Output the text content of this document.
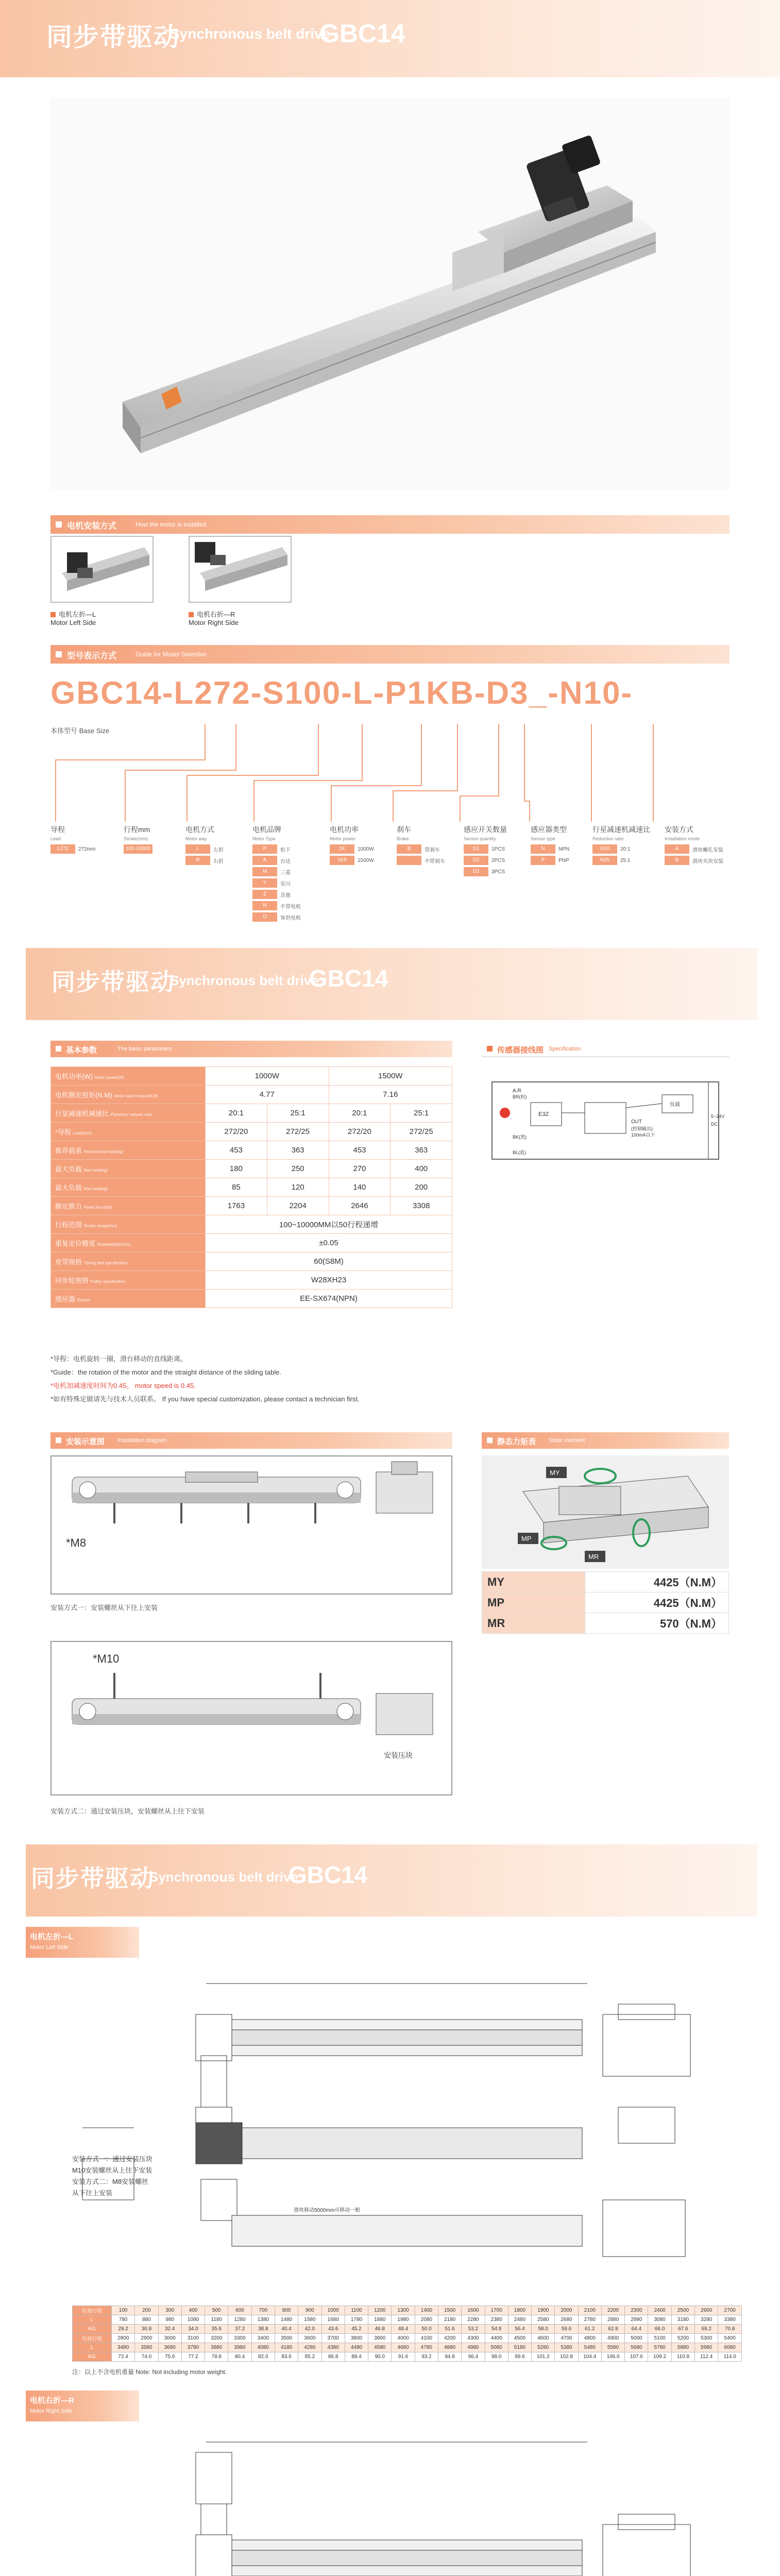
同步带驱动
Synchronous belt drive
GBC14
电机安装方式	How the motor is installed
电机左折—L
Motor Left Side
电机右折—R
Motor Right Side
型号表示方式	Guide for Model Selection
GBC14-L272-S100-L-P1KB-D3_-N10-
本体型号 Base Size
导程
Lead
L272	272mm
行程mm
Stroke(mm)
100-10000
电机方式
Motor way
L	左折
R	右折
电机品牌
Motor Type
P	松下
A	台达
M	三菱
Y	安川
Z	其他
N	不带电机
O	客供电机
电机功率
Motor power
1K	1000W
1K5	1500W
刹车
Brake
B	带刹车
不带刹车
感应开关数量
Sensor quantity
D1	1PCS
D2	2PCS
D3	3PCS
感应器类型
Sensor type
N	NPN
P	PNP
行星减速机减速比
Reduction ratio
N10	20:1
N25	25:1
安装方式
Installation mode
A	滑块螺孔安装
B	滑块夹块安装
同步带驱动
Synchronous belt drive
GBC14
基本参数	The basic parameters
电机功率(W) Motor power(W)	1000W		1500W	
电机额定扭矩(N.M) Motor rated torque(N.M)	4.77		7.16	
行星减速机减速比 Planetary reducer ratio	20:1	25:1	20:1	25:1
*导程 Lead(mm)	272/20	272/25	272/20	272/25
推荐载重 Recommend load(kg)	453	363	453	363
最大负载 Max load(kg)	180	250	270	400
最大负载 Max load(kg)	85	120	140	200
额定推力 Rated thrust(N)	1763	2204	2646	3308
行程范围 Stroke range(mm)	100~10000MM以50行程递增			
重复定位精度 Repeatability(mm)	±0.05			
皮带规格 Timing belt specification	60(S8M)			
同步轮规格 Pulley specification	W28XH23			
感应器 Sensor	EE-SX674(NPN)			
*导程：电机旋转一圈，滑台移动的直线距离。
*Guide：the rotation of the motor and the straight distance of the sliding table.
*电机加减速度时间为0.45。 motor speed is 0.45.
*如有特殊定做请先与技术人员联系。 If you have special customization, please contact a technician first.
传感器接线图 Specification
A.R
BR(棕)
BK(黑)
BL(蓝)
E3Z
OUT
(控制输出)
100mA以下
负载
5~24V
DC
安装示意图 Installation diagram
*M8
安装方式一：安装螺丝从下往上安装
*M10
安装压块
安装方式二：通过安装压块，安装螺丝从上往下安装
静态力矩表 Static moment
MY
MP
MR
MY	4425（N.M）
MP	4425（N.M）
MR	570（N.M）
同步带驱动
Synchronous belt drive
GBC14
电机左折—L
Motor Left Side
滑块移动5000mm可移动一根
安装方式一：通过安装压块
M10安装螺丝从上往下安装
安装方式二：M8安装螺丝
从下往上安装
有效行程	100	200	300	400	500	600	700	800	900	1000	1100	1200	1300	1400	1500	1600	1700	1800	1900	2000	2100	2200	2300	2400	2500	2600	2700
L	780	880	980	1080	1180	1280	1380	1480	1580	1680	1780	1880	1980	2080	2180	2280	2380	2480	2580	2680	2780	2880	2980	3080	3180	3280	3380
KG	29.2	30.8	32.4	34.0	35.6	37.2	38.8	40.4	42.0	43.6	45.2	46.8	48.4	50.0	51.6	53.2	54.8	56.4	58.0	59.6	61.2	62.8	64.4	66.0	67.6	69.2	70.8
有效行程	2800	2900	3000	3100	3200	3300	3400	3500	3600	3700	3800	3900	4000	4100	4200	4300	4400	4500	4600	4700	4800	4900	5000	5100	5200	5300	5400
L	3480	3580	3680	3780	3880	3980	4080	4180	4280	4380	4480	4580	4680	4780	4880	4980	5080	5180	5280	5380	5480	5580	5680	5780	5880	5980	6080
KG	72.4	74.0	75.6	77.2	78.8	80.4	82.0	83.6	85.2	86.8	88.4	90.0	91.6	93.2	94.8	96.4	98.0	99.6	101.2	102.8	104.4	106.0	107.6	109.2	110.8	112.4	114.0
注：以上不含电机重量 Note: Not including motor weight.
电机右折—R
Motor Right Side
